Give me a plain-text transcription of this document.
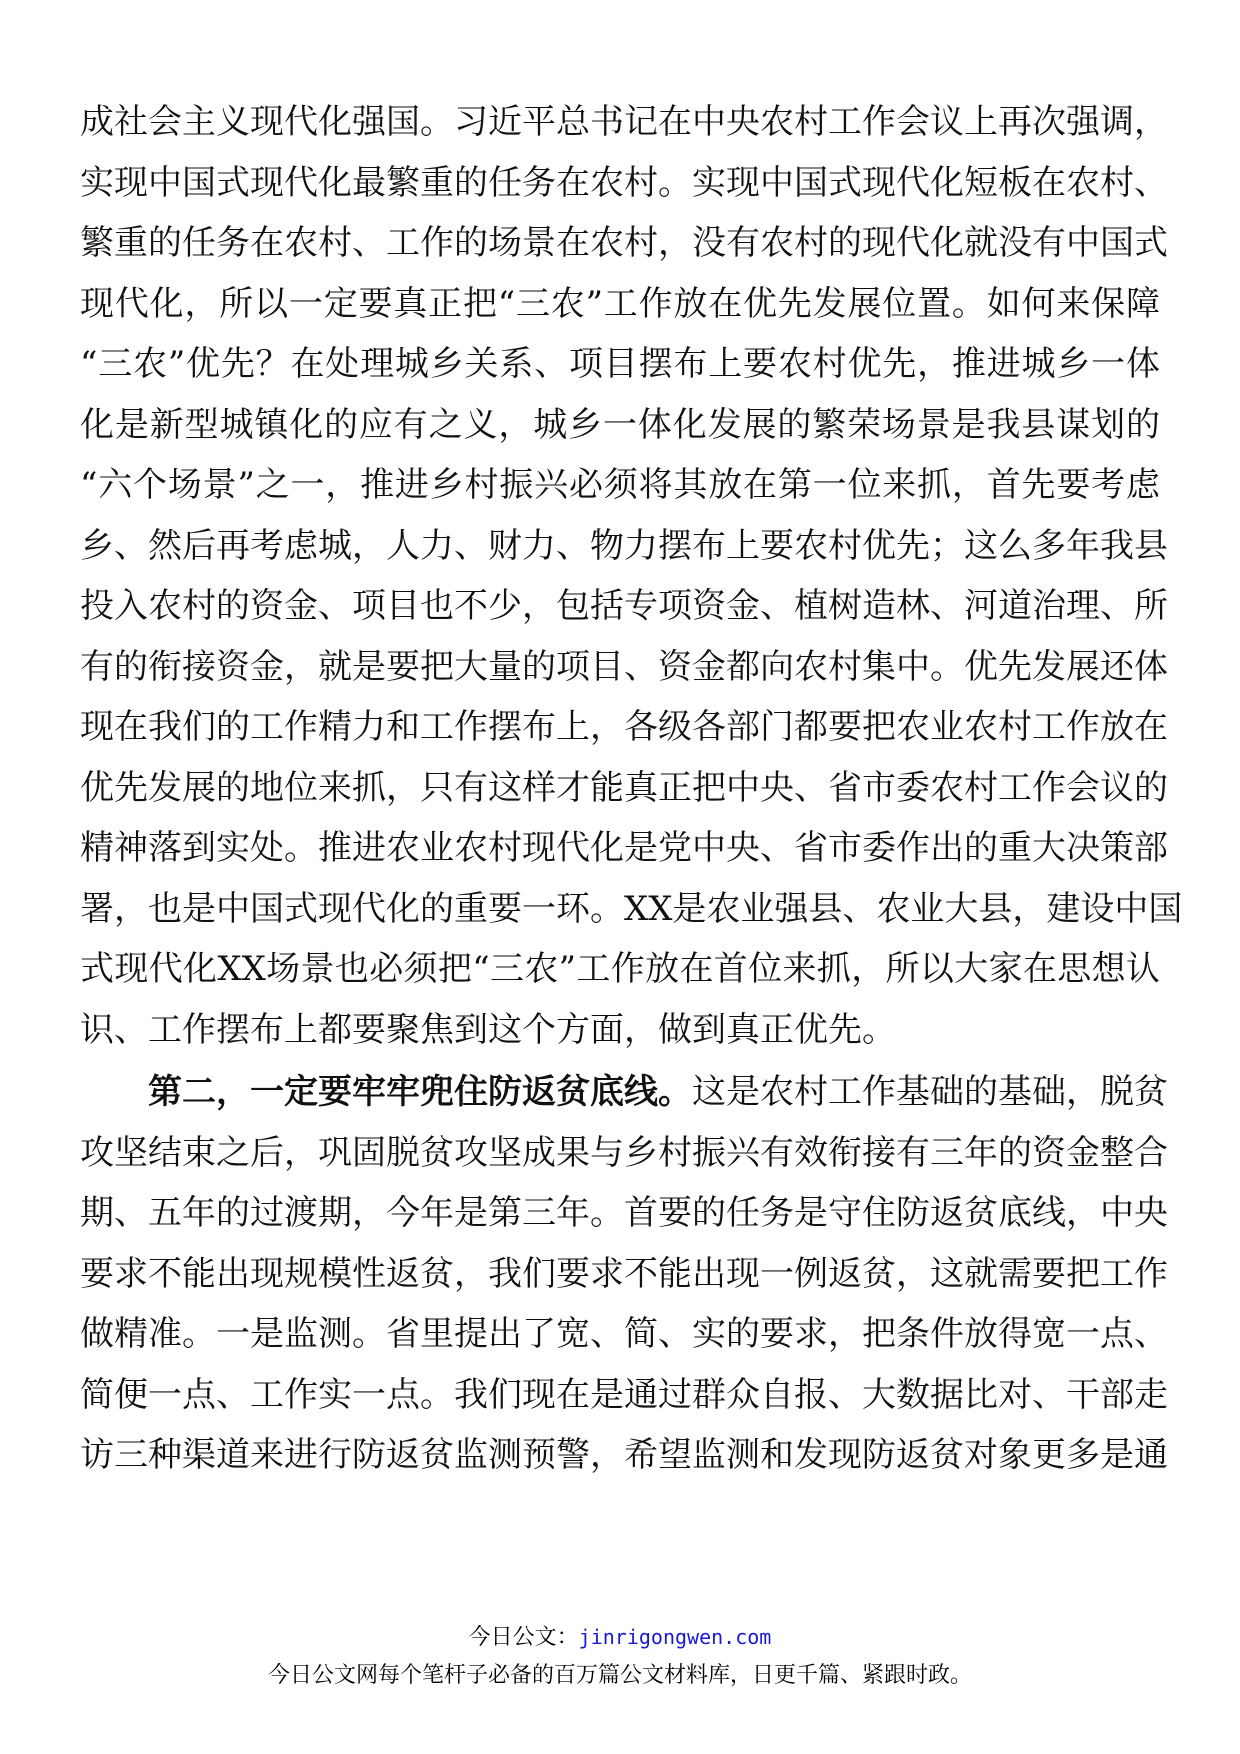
成社会主义现代化强国。习近平总书记在中央农村工作会议上再次强调，
实现中国式现代化最繁重的任务在农村。实现中国式现代化短板在农村、
繁重的任务在农村、工作的场景在农村，没有农村的现代化就没有中国式
现代化，所以一定要真正把“三农”工作放在优先发展位置。如何来保障
“三农”优先？在处理城乡关系、项目摆布上要农村优先，推进城乡一体
化是新型城镇化的应有之义，城乡一体化发展的繁荣场景是我县谋划的
“六个场景”之一，推进乡村振兴必须将其放在第一位来抓，首先要考虑
乡、然后再考虑城，人力、财力、物力摆布上要农村优先；这么多年我县
投入农村的资金、项目也不少，包括专项资金、植树造林、河道治理、所
有的衔接资金，就是要把大量的项目、资金都向农村集中。优先发展还体
现在我们的工作精力和工作摆布上，各级各部门都要把农业农村工作放在
优先发展的地位来抓，只有这样才能真正把中央、省市委农村工作会议的
精神落到实处。推进农业农村现代化是党中央、省市委作出的重大决策部
署，也是中国式现代化的重要一环。XX是农业强县、农业大县，建设中国
式现代化XX场景也必须把“三农”工作放在首位来抓，所以大家在思想认
识、工作摆布上都要聚焦到这个方面，做到真正优先。
第二，一定要牢牢兜住防返贫底线。这是农村工作基础的基础，脱贫
攻坚结束之后，巩固脱贫攻坚成果与乡村振兴有效衔接有三年的资金整合
期、五年的过渡期，今年是第三年。首要的任务是守住防返贫底线，中央
要求不能出现规模性返贫，我们要求不能出现一例返贫，这就需要把工作
做精准。一是监测。省里提出了宽、简、实的要求，把条件放得宽一点、
简便一点、工作实一点。我们现在是通过群众自报、大数据比对、干部走
访三种渠道来进行防返贫监测预警，希望监测和发现防返贫对象更多是通
今日公文：jinrigongwen.com
今日公文网每个笔杆子必备的百万篇公文材料库，日更千篇、紧跟时政。
